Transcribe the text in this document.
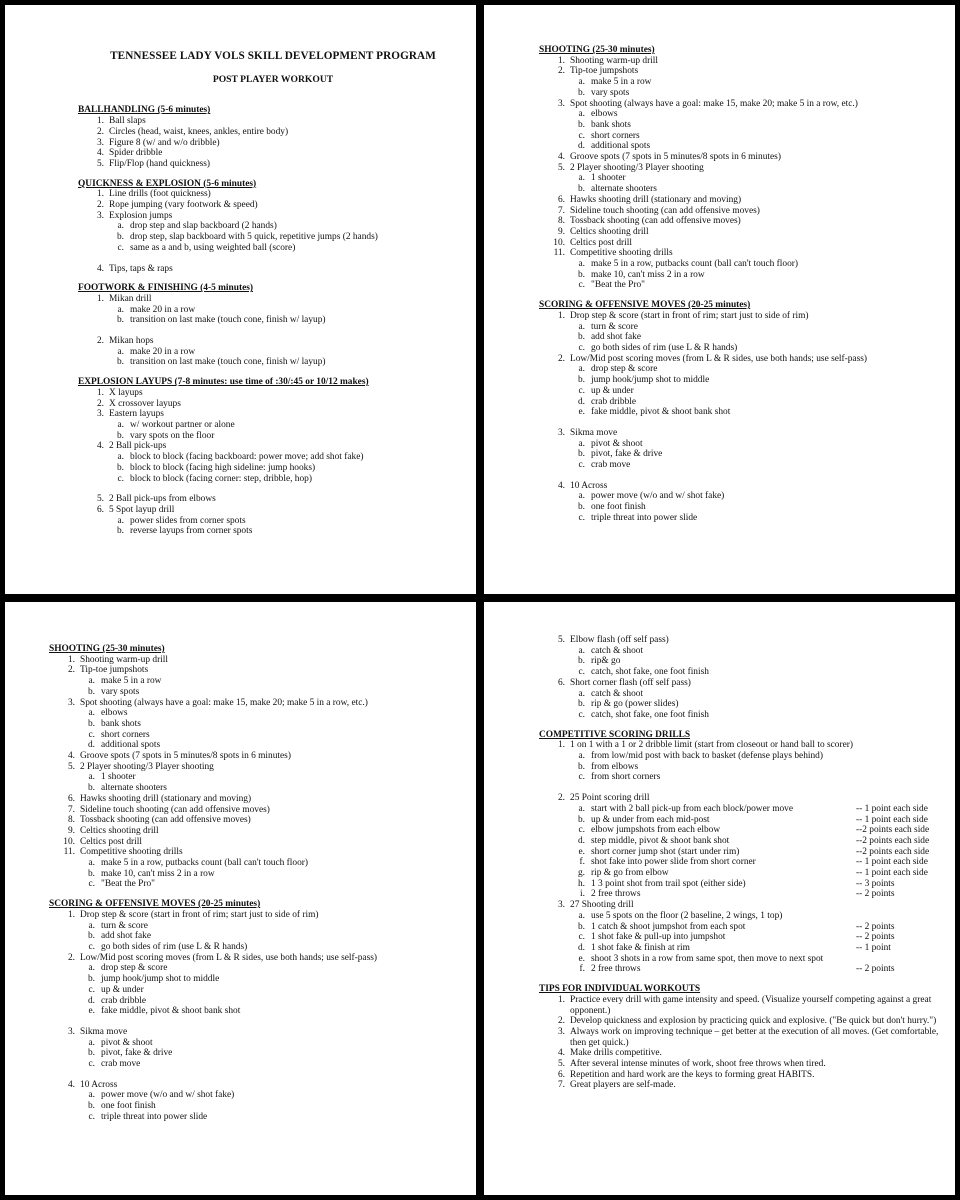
TENNESSEE LADY VOLS SKILL DEVELOPMENT PROGRAM
POST PLAYER WORKOUT
BALLHANDLING (5-6 minutes)
1. Ball slaps
2. Circles (head, waist, knees, ankles, entire body)
3. Figure 8 (w/ and w/o dribble)
4. Spider dribble
5. Flip/Flop (hand quickness)
QUICKNESS & EXPLOSION (5-6 minutes)
1. Line drills (foot quickness)
2. Rope jumping (vary footwork & speed)
3. Explosion jumps
a. drop step and slap backboard (2 hands)
b. drop step, slap backboard with 5 quick, repetitive jumps (2 hands)
c. same as a and b, using weighted ball (score)
4. Tips, taps & raps
FOOTWORK & FINISHING (4-5 minutes)
1. Mikan drill
a. make 20 in a row
b. transition on last make (touch cone, finish w/ layup)
2. Mikan hops
a. make 20 in a row
b. transition on last make (touch cone, finish w/ layup)
EXPLOSION LAYUPS (7-8 minutes: use time of :30/:45 or 10/12 makes)
1. X layups
2. X crossover layups
3. Eastern layups
a. w/ workout partner or alone
b. vary spots on the floor
4. 2 Ball pick-ups
a. block to block (facing backboard: power move; add shot fake)
b. block to block (facing high sideline: jump hooks)
c. block to block (facing corner: step, dribble, hop)
5. 2 Ball pick-ups from elbows
6. 5 Spot layup drill
a. power slides from corner spots
b. reverse layups from corner spots
SHOOTING (25-30 minutes)
1. Shooting warm-up drill
2. Tip-toe jumpshots
a. make 5 in a row
b. vary spots
3. Spot shooting (always have a goal: make 15, make 20; make 5 in a row, etc.)
a. elbows
b. bank shots
c. short corners
d. additional spots
4. Groove spots (7 spots in 5 minutes/8 spots in 6 minutes)
5. 2 Player shooting/3 Player shooting
a. 1 shooter
b. alternate shooters
6. Hawks shooting drill (stationary and moving)
7. Sideline touch shooting (can add offensive moves)
8. Tossback shooting (can add offensive moves)
9. Celtics shooting drill
10. Celtics post drill
11. Competitive shooting drills
a. make 5 in a row, putbacks count (ball can't touch floor)
b. make 10, can't miss 2 in a row
c. "Beat the Pro"
SCORING & OFFENSIVE MOVES (20-25 minutes)
1. Drop step & score (start in front of rim; start just to side of rim)
a. turn & score
b. add shot fake
c. go both sides of rim (use L & R hands)
2. Low/Mid post scoring moves (from L & R sides, use both hands; use self-pass)
a. drop step & score
b. jump hook/jump shot to middle
c. up & under
d. crab dribble
e. fake middle, pivot & shoot bank shot
3. Sikma move
a. pivot & shoot
b. pivot, fake & drive
c. crab move
4. 10 Across
a. power move (w/o and w/ shot fake)
b. one foot finish
c. triple threat into power slide
SHOOTING (25-30 minutes)
1. Shooting warm-up drill
2. Tip-toe jumpshots
a. make 5 in a row
b. vary spots
3. Spot shooting (always have a goal: make 15, make 20; make 5 in a row, etc.)
a. elbows
b. bank shots
c. short corners
d. additional spots
4. Groove spots (7 spots in 5 minutes/8 spots in 6 minutes)
5. 2 Player shooting/3 Player shooting
a. 1 shooter
b. alternate shooters
6. Hawks shooting drill (stationary and moving)
7. Sideline touch shooting (can add offensive moves)
8. Tossback shooting (can add offensive moves)
9. Celtics shooting drill
10. Celtics post drill
11. Competitive shooting drills
a. make 5 in a row, putbacks count (ball can't touch floor)
b. make 10, can't miss 2 in a row
c. "Beat the Pro"
SCORING & OFFENSIVE MOVES (20-25 minutes)
1. Drop step & score (start in front of rim; start just to side of rim)
a. turn & score
b. add shot fake
c. go both sides of rim (use L & R hands)
2. Low/Mid post scoring moves (from L & R sides, use both hands; use self-pass)
a. drop step & score
b. jump hook/jump shot to middle
c. up & under
d. crab dribble
e. fake middle, pivot & shoot bank shot
3. Sikma move
a. pivot & shoot
b. pivot, fake & drive
c. crab move
4. 10 Across
a. power move (w/o and w/ shot fake)
b. one foot finish
c. triple threat into power slide
5. Elbow flash (off self pass)
a. catch & shoot
b. rip& go
c. catch, shot fake, one foot finish
6. Short corner flash (off self pass)
a. catch & shoot
b. rip & go (power slides)
c. catch, shot fake, one foot finish
COMPETITIVE SCORING DRILLS
1. 1 on 1 with a 1 or 2 dribble limit (start from closeout or hand ball to scorer)
a. from low/mid post with back to basket (defense plays behind)
b. from elbows
c. from short corners
2. 25 Point scoring drill
a. start with 2 ball pick-up from each block/power move	-- 1 point each side
b. up & under from each mid-post	-- 1 point each side
c. elbow jumpshots from each elbow	--2 points each side
d. step middle, pivot & shoot bank shot	--2 points each side
e. short corner jump shot (start under rim)	--2 points each side
f. shot fake into power slide from short corner	-- 1 point each side
g. rip & go from elbow	-- 1 point each side
h. 1 3 point shot from trail spot (either side)	-- 3 points
i. 2 free throws	-- 2 points
3. 27 Shooting drill
a. use 5 spots on the floor (2 baseline, 2 wings, 1 top)
b. 1 catch & shoot jumpshot from each spot	-- 2 points
c. 1 shot fake & pull-up into jumpshot	-- 2 points
d. 1 shot fake & finish at rim	-- 1 point
e. shoot 3 shots in a row from same spot, then move to next spot
f. 2 free throws	-- 2 points
TIPS FOR INDIVIDUAL WORKOUTS
1. Practice every drill with game intensity and speed. (Visualize yourself competing against a great opponent.)
2. Develop quickness and explosion by practicing quick and explosive. ("Be quick but don't hurry.")
3. Always work on improving technique – get better at the execution of all moves. (Get comfortable, then get quick.)
4. Make drills competitive.
5. After several intense minutes of work, shoot free throws when tired.
6. Repetition and hard work are the keys to forming great HABITS.
7. Great players are self-made.
